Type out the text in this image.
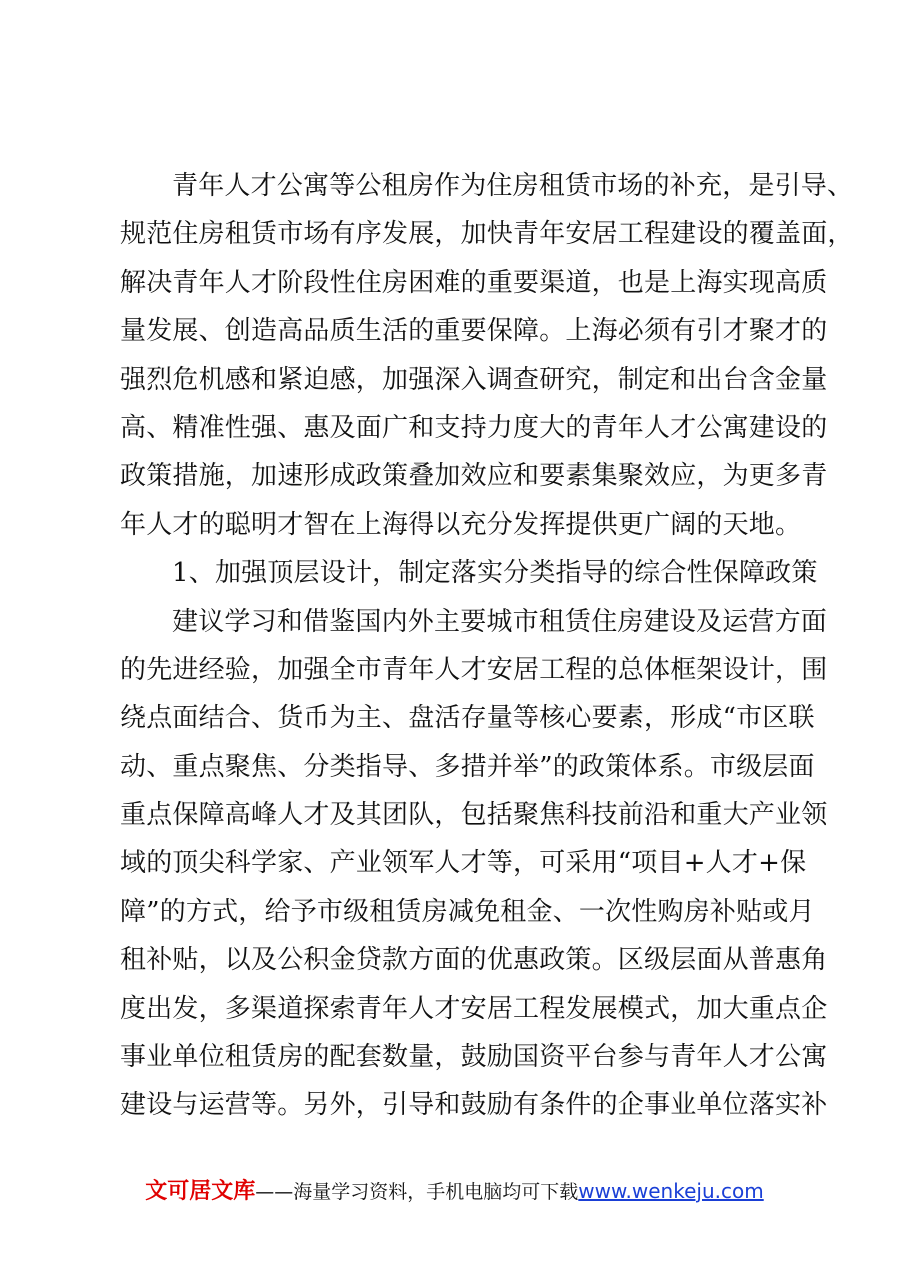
青年人才公寓等公租房作为住房租赁市场的补充，是引导、
规范住房租赁市场有序发展，加快青年安居工程建设的覆盖面，
解决青年人才阶段性住房困难的重要渠道，也是上海实现高质
量发展、创造高品质生活的重要保障。上海必须有引才聚才的
强烈危机感和紧迫感，加强深入调查研究，制定和出台含金量
高、精准性强、惠及面广和支持力度大的青年人才公寓建设的
政策措施，加速形成政策叠加效应和要素集聚效应，为更多青
年人才的聪明才智在上海得以充分发挥提供更广阔的天地。
1、加强顶层设计，制定落实分类指导的综合性保障政策
建议学习和借鉴国内外主要城市租赁住房建设及运营方面
的先进经验，加强全市青年人才安居工程的总体框架设计，围
绕点面结合、货币为主、盘活存量等核心要素，形成“市区联
动、重点聚焦、分类指导、多措并举”的政策体系。市级层面
重点保障高峰人才及其团队，包括聚焦科技前沿和重大产业领
域的顶尖科学家、产业领军人才等，可采用“项目+人才+保
障”的方式，给予市级租赁房减免租金、一次性购房补贴或月
租补贴，以及公积金贷款方面的优惠政策。区级层面从普惠角
度出发，多渠道探索青年人才安居工程发展模式，加大重点企
事业单位租赁房的配套数量，鼓励国资平台参与青年人才公寓
建设与运营等。另外，引导和鼓励有条件的企事业单位落实补
文可居文库——海量学习资料，手机电脑均可下载www.wenkeju.com
